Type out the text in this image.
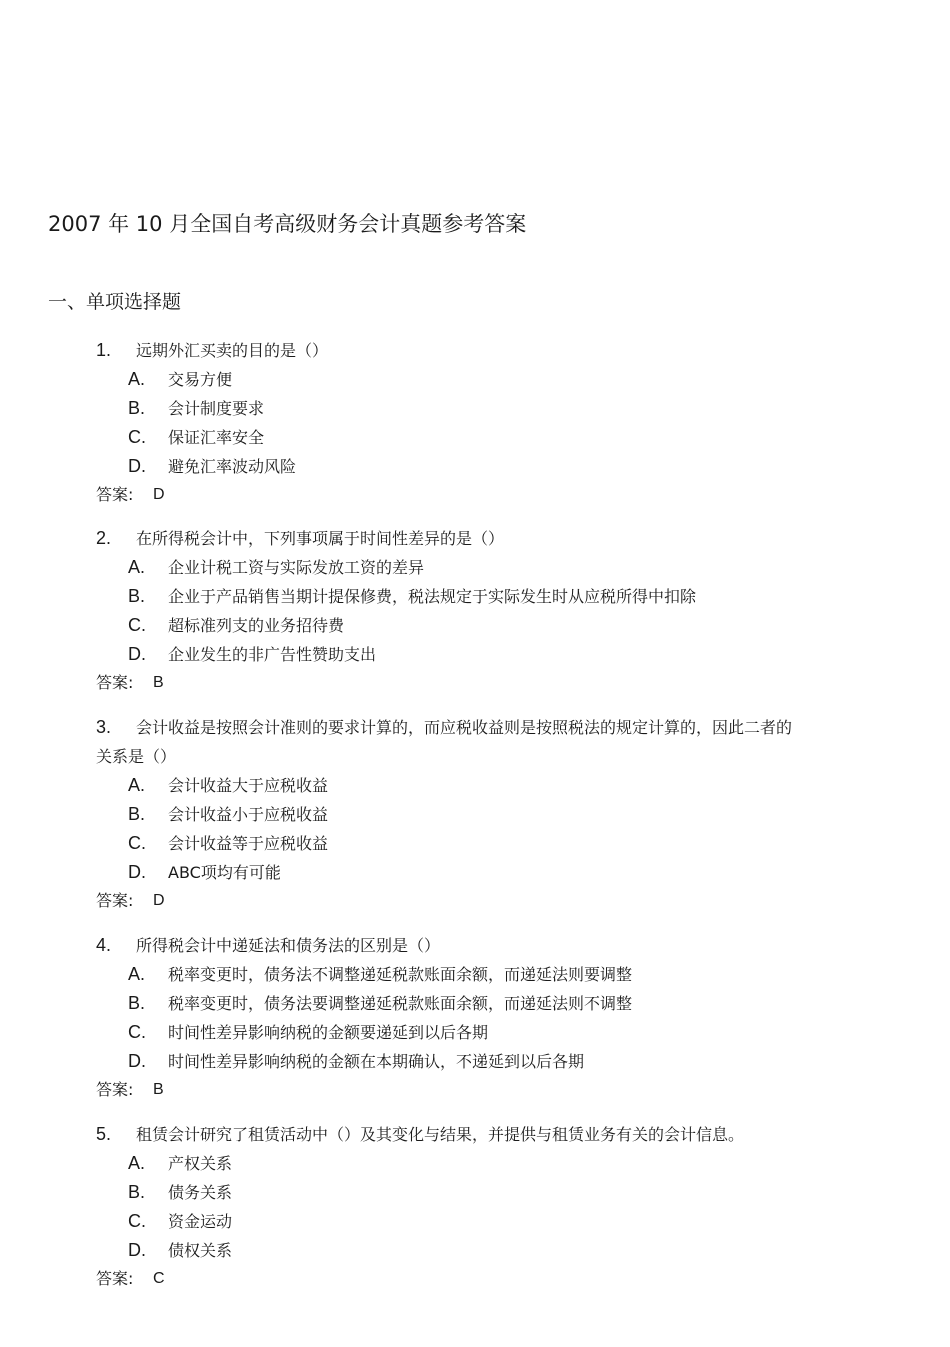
2007 年 10 月全国自考高级财务会计真题参考答案
一、单项选择题
1. 远期外汇买卖的目的是（）
A. 交易方便
B. 会计制度要求
C. 保证汇率安全
D. 避免汇率波动风险
答案: D
2. 在所得税会计中，下列事项属于时间性差异的是（）
A. 企业计税工资与实际发放工资的差异
B. 企业于产品销售当期计提保修费，税法规定于实际发生时从应税所得中扣除
C. 超标准列支的业务招待费
D. 企业发生的非广告性赞助支出
答案: B
3.	会计收益是按照会计准则的要求计算的，而应税收益则是按照税法的规定计算的，因此二者的关系是（）
A. 会计收益大于应税收益
B. 会计收益小于应税收益
C. 会计收益等于应税收益
D. ABC项均有可能
答案: D
4. 所得税会计中递延法和债务法的区别是（）
A. 税率变更时，债务法不调整递延税款账面余额，而递延法则要调整
B. 税率变更时，债务法要调整递延税款账面余额，而递延法则不调整
C. 时间性差异影响纳税的金额要递延到以后各期
D. 时间性差异影响纳税的金额在本期确认，不递延到以后各期
答案: B
5. 租赁会计研究了租赁活动中（）及其变化与结果，并提供与租赁业务有关的会计信息。
A. 产权关系
B. 债务关系
C. 资金运动
D. 债权关系
答案: C
